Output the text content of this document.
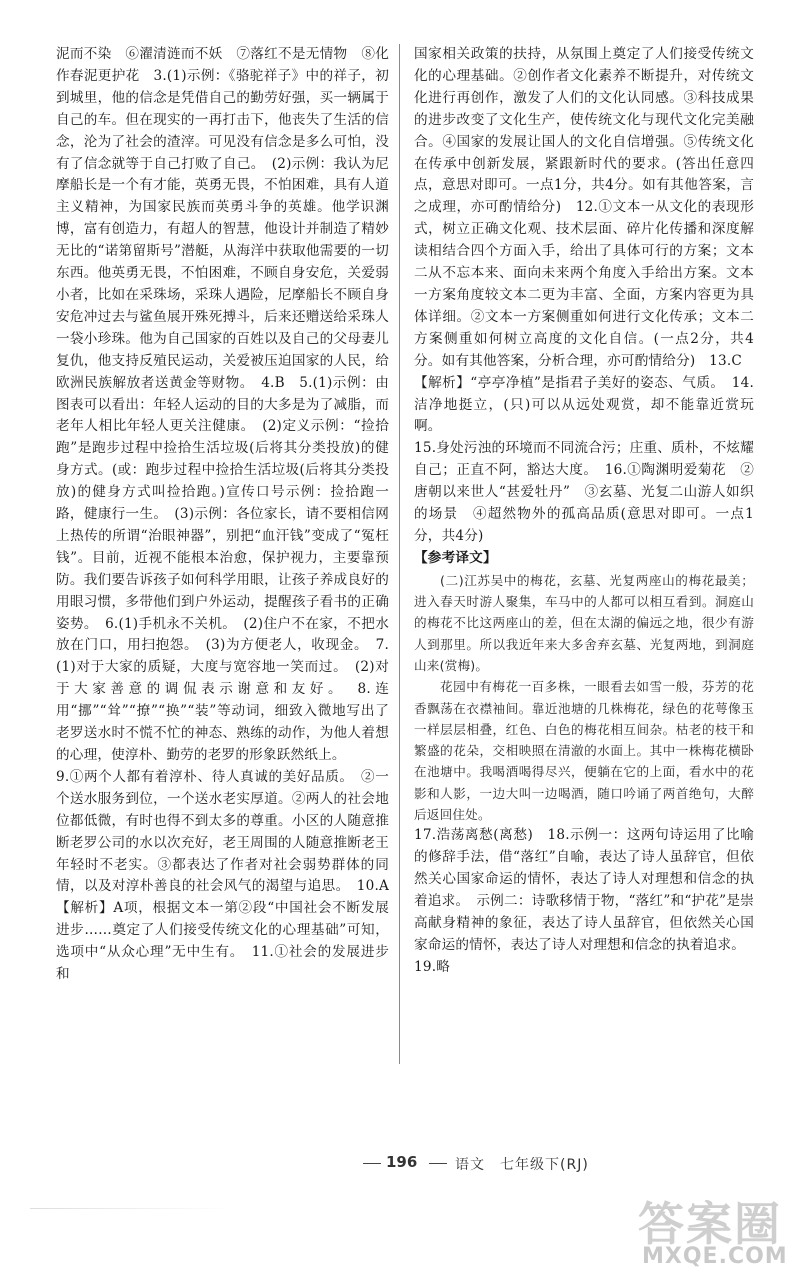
泥而不染　⑥濯清涟而不妖　⑦落红不是无情物　⑧化作春泥更护花　3.(1)示例：《骆驼祥子》中的祥子，初到城里，他的信念是凭借自己的勤劳好强，买一辆属于自己的车。但在现实的一再打击下，他丧失了生活的信念，沦为了社会的渣滓。可见没有信念是多么可怕，没有了信念就等于自己打败了自己。　(2)示例：我认为尼摩船长是一个有才能，英勇无畏，不怕困难，具有人道主义精神，为国家民族而英勇斗争的英雄。他学识渊博，富有创造力，有超人的智慧，他设计并制造了精妙无比的“诺第留斯号”潜艇，从海洋中获取他需要的一切东西。他英勇无畏，不怕困难，不顾自身安危，关爱弱小者，比如在采珠场，采珠人遇险，尼摩船长不顾自身安危冲过去与鲨鱼展开殊死搏斗，后来还赠送给采珠人一袋小珍珠。他为自己国家的百姓以及自己的父母妻儿复仇，他支持反殖民运动，关爱被压迫国家的人民，给欧洲民族解放者送黄金等财物。　4.B　5.(1)示例：由图表可以看出：年轻人运动的目的大多是为了减脂，而老年人相比年轻人更关注健康。　(2)定义示例：“捡拾跑”是跑步过程中捡拾生活垃圾(后将其分类投放)的健身方式。(或：跑步过程中捡拾生活垃圾(后将其分类投放)的健身方式叫捡拾跑。)宣传口号示例：捡拾跑一路，健康行一生。　(3)示例：各位家长，请不要相信网上热传的所谓“治眼神器”，别把“血汗钱”变成了“冤枉钱”。目前，近视不能根本治愈，保护视力，主要靠预防。我们要告诉孩子如何科学用眼，让孩子养成良好的用眼习惯，多带他们到户外运动，提醒孩子看书的正确姿势。　6.(1)手机永不关机。　(2)住户不在家，不把水放在门口，用扫抱怨。　(3)为方便老人，收现金。　7.(1)对于大家的质疑，大度与宽容地一笑而过。　(2)对于大家善意的调侃表示谢意和友好。　8.连用“挪”“耸”“撩”“换”“装”等动词，细致入微地写出了老罗送水时不慌不忙的神态、熟练的动作，为他人着想的心理，使淳朴、勤劳的老罗的形象跃然纸上。

9.①两个人都有着淳朴、待人真诚的美好品质。　②一个送水服务到位，一个送水老实厚道。②两人的社会地位都低微，有时也得不到太多的尊重。小区的人随意推断老罗公司的水以次充好，老王周围的人随意推断老王年轻时不老实。③都表达了作者对社会弱势群体的同情，以及对淳朴善良的社会风气的渴望与追思。　10.A 【解析】A项，根据文本一第②段“中国社会不断发展进步……奠定了人们接受传统文化的心理基础”可知，选项中“从众心理”无中生有。　11.①社会的发展进步和

国家相关政策的扶持，从氛围上奠定了人们接受传统文化的心理基础。②创作者文化素养不断提升，对传统文化进行再创作，激发了人们的文化认同感。③科技成果的进步改变了文化生产，使传统文化与现代文化完美融合。④国家的发展让国人的文化自信增强。⑤传统文化在传承中创新发展，紧跟新时代的要求。(答出任意四点，意思对即可。一点1分，共4分。如有其他答案，言之成理，亦可酌情给分)　12.①文本一从文化的表现形式，树立正确文化观、技术层面、碎片化传播和深度解读相结合四个方面入手，给出了具体可行的方案；文本二从不忘本来、面向未来两个角度入手给出方案。文本一方案角度较文本二更为丰富、全面，方案内容更为具体详细。②文本一方案侧重如何进行文化传承；文本二方案侧重如何树立高度的文化自信。(一点2分，共4分。如有其他答案，分析合理，亦可酌情给分)　13.C

【解析】“亭亭净植”是指君子美好的姿态、气质。　14.洁净地挺立，(只)可以从远处观赏，却不能靠近赏玩啊。

15.身处污浊的环境而不同流合污；庄重、质朴，不炫耀自己；正直不阿，豁达大度。　16.①陶渊明爱菊花　②唐朝以来世人“甚爱牡丹”　③玄墓、光复二山游人如织的场景　④超然物外的孤高品质(意思对即可。一点1分，共4分)

【参考译文】

(二)江苏吴中的梅花，玄墓、光复两座山的梅花最美；进入春天时游人聚集，车马中的人都可以相互看到。洞庭山的梅花不比这两座山的差，但在太湖的偏远之地，很少有游人到那里。所以我近年来大多舍弃玄墓、光复两地，到洞庭山来(赏梅)。

花园中有梅花一百多株，一眼看去如雪一般，芬芳的花香飘荡在衣襟袖间。靠近池塘的几株梅花，绿色的花萼像玉一样层层相叠，红色、白色的梅花相互间杂。枯老的枝干和繁盛的花朵，交相映照在清澈的水面上。其中一株梅花横卧在池塘中。我喝酒喝得尽兴，便躺在它的上面，看水中的花影和人影，一边大叫一边喝酒，随口吟诵了两首绝句，大醉后返回住处。

17.浩荡离愁(离愁)　18.示例一：这两句诗运用了比喻的修辞手法，借“落红”自喻，表达了诗人虽辞官，但依然关心国家命运的情怀，表达了诗人对理想和信念的执着追求。　示例二：诗歌移情于物，“落红”和“护花”是崇高献身精神的象征，表达了诗人虽辞官，但依然关心国家命运的情怀，表达了诗人对理想和信念的执着追求。

19.略

196	语文　七年级下(RJ)
答案圈
MXQE.COM
